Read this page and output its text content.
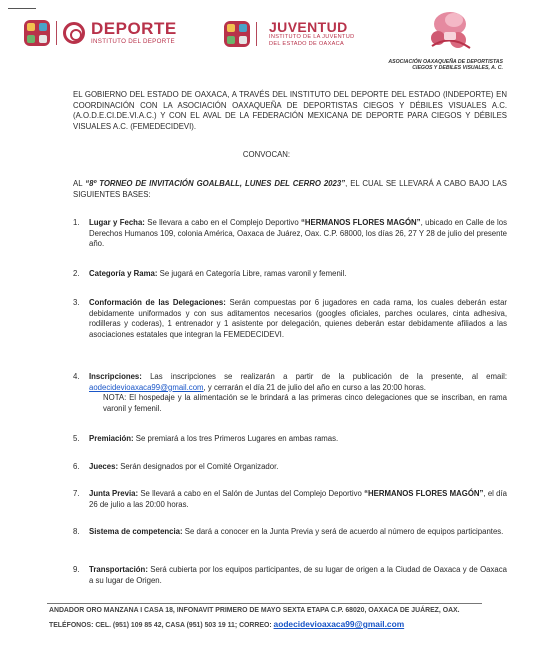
DEPORTE
INSTITUTO DEL DEPORTE
JUVENTUD
INSTITUTO DE LA JUVENTUD
DEL ESTADO DE OAXACA
ASOCIACIÓN OAXAQUEÑA DE DEPORTISTAS
CIEGOS Y DEBILES VISUALES, A. C.
EL GOBIERNO DEL ESTADO DE OAXACA, A TRAVÉS DEL INSTITUTO DEL DEPORTE DEL ESTADO (INDEPORTE) EN COORDINACIÓN CON LA ASOCIACIÓN OAXAQUEÑA DE DEPORTISTAS CIEGOS Y DÉBILES VISUALES A.C. (A.O.D.E.CI.DE.VI.A.C.) Y CON EL AVAL DE LA FEDERACIÓN MEXICANA DE DEPORTE PARA CIEGOS Y DÉBILES VISUALES A.C. (FEMEDECIDEVI).
CONVOCAN:
AL “8º TORNEO DE INVITACIÓN GOALBALL, LUNES DEL CERRO 2023”, EL CUAL SE LLEVARÁ A CABO BAJO LAS SIGUIENTES BASES:
1. Lugar y Fecha: Se llevara a cabo en el Complejo Deportivo “HERMANOS FLORES MAGÓN”, ubicado en Calle de los Derechos Humanos 109, colonia América, Oaxaca de Juárez, Oax. C.P. 68000, los días 26, 27 Y 28 de julio del presente año.
2. Categoría y Rama: Se jugará en Categoría Libre, ramas varonil y femenil.
3. Conformación de las Delegaciones: Serán compuestas por 6 jugadores en cada rama, los cuales deberán estar debidamente uniformados y con sus aditamentos necesarios (googles oficiales, parches oculares, cinta adhesiva, rodilleras y coderas), 1 entrenador y 1 asistente por delegación, quienes deberán estar debidamente afiliados a las asociaciones estatales que integran la FEMEDECIDEVI.
4. Inscripciones: Las inscripciones se realizarán a partir de la publicación de la presente, al email: aodecidevioaxaca99@gmail.com, y cerrarán el día 21 de julio del año en curso a las 20:00 horas.
NOTA: El hospedaje y la alimentación se le brindará a las primeras cinco delegaciones que se inscriban, en rama varonil y femenil.
5. Premiación: Se premiará a los tres Primeros Lugares en ambas ramas.
6. Jueces: Serán designados por el Comité Organizador.
7. Junta Previa: Se llevará a cabo en el Salón de Juntas del Complejo Deportivo “HERMANOS FLORES MAGÓN”, el día 26 de julio a las 20:00 horas.
8. Sistema de competencia: Se dará a conocer en la Junta Previa y será de acuerdo al número de equipos participantes.
9. Transportación: Será cubierta por los equipos participantes, de su lugar de origen a la Ciudad de Oaxaca y de Oaxaca a su lugar de Origen.
ANDADOR ORO MANZANA I CASA 18, INFONAVIT PRIMERO DE MAYO SEXTA ETAPA C.P. 68020, OAXACA DE JUÁREZ, OAX.
TELÉFONOS: CEL. (951) 109 85 42, CASA (951) 503 19 11; CORREO: aodecidevioaxaca99@gmail.com
